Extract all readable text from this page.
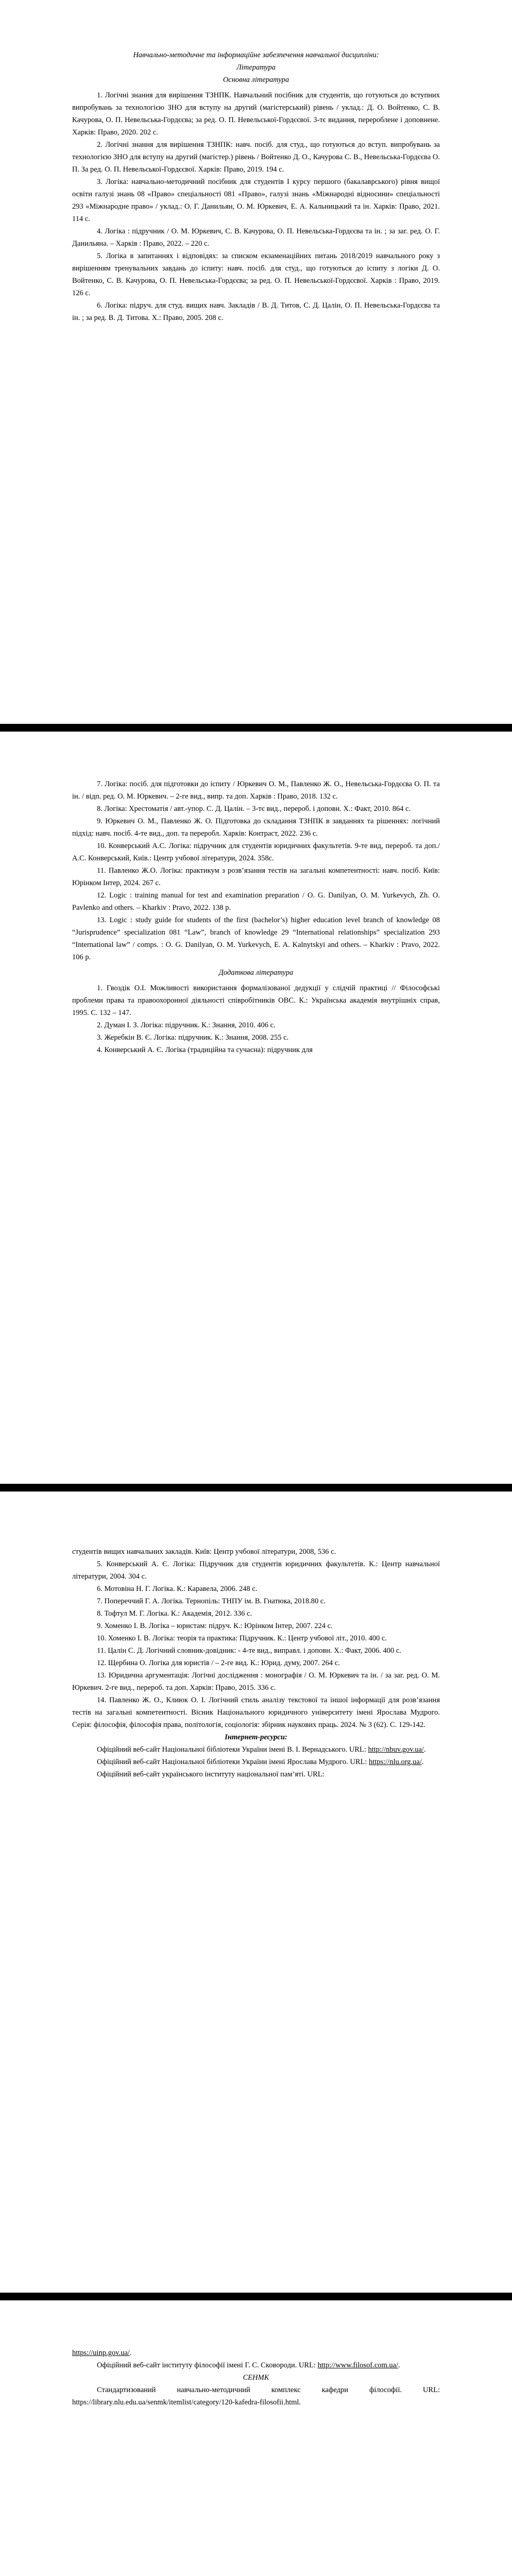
Навчально-методичне та інформаційне забезпечення навчальної дисципліни:

Література

Основна література

1. Логічні знання для вирішення ТЗНПК. Навчальний посібник для студентів, що готуються до вступних випробувань за технологією ЗНО для вступу на другий (магістерський) рівень / уклад.: Д. О. Войтенко, С. В. Качурова, О. П. Невельська-Гордєєва; за ред. О. П. Невельської-Гордєєвої. 3-тє видання, перероблене і доповнене. Харків: Право, 2020. 202 с.

2. Логічні знання для вирішення ТЗНПК: навч. посіб. для студ., що готуються до вступ. випробувань за технологією ЗНО для вступу на другий (магістер.) рівень / Войтенко Д. О., Качурова С. В., Невельська-Гордєєва О. П. За ред. О. П. Невельської-Гордєєвої. Харків: Право, 2019. 194 с.

3. Логіка: навчально-методичний посібник для студентів І курсу першого (бакалаврського) рівня вищої освіти галузі знань 08 «Право» спеціальності 081 «Право», галузі знань «Міжнародні відносини» спеціальності 293 «Міжнародне право» / уклад.: О. Г. Данильян, О. М. Юркевич, Е. А. Кальницький та ін. Харків: Право, 2021. 114 с.

4. Логіка : підручник / О. М. Юркевич, С. В. Качурова, О. П. Невельська-Гордєєва та ін. ; за заг. ред. О. Г. Данильяна. – Харків : Право, 2022. – 220 с.

5. Логіка в запитаннях і відповідях: за списком екзаменаційних питань 2018/2019 навчального року з вирішенням тренувальних завдань до іспиту: навч. посіб. для студ., що готуються до іспиту з логіки Д. О. Войтенко, С. В. Качурова, О. П. Невельська-Гордєєва; за ред. О. П. Невельської-Гордєєвої. Харків : Право, 2019. 126 с.

6. Логіка: підруч. для студ. вищих навч. Закладів / В. Д. Титов, С. Д. Цалін, О. П. Невельська-Гордєєва та ін. ; за ред. В. Д. Титова. Х.: Право, 2005. 208 с.

7. Логіка: посіб. для підготовки до іспиту / Юркевич О. М., Павленко Ж. О., Невельська-Гордєєва О. П. та ін. / відп. ред. О. М. Юркевич. – 2-ге вид., випр. та доп. Харків : Право, 2018. 132 с.

8. Логіка: Хрестоматія / авт.-упор. С. Д. Цалін. – 3-тє вид., перероб. і доповн. Х.: Факт, 2010. 864 с.

9. Юркевич О. М., Павленко Ж. О. Підготовка до складання ТЗНПК в завданнях та рішеннях: логічний підхід: навч. посіб. 4-те вид., доп. та переробл. Харків: Контраст, 2022. 236 с.

10. Конверський А.С. Логіка: підручник для студентів юридичних факультетів. 9-те вид, перероб. та доп./ А.С. Конверський, Київ.: Центр учбової літератури, 2024. 358с.

11. Павленко Ж.О. Логіка: практикум з розв’язання тестів на загальні компетентності: навч. посіб. Київ: Юрінком Інтер, 2024. 267 с.

12. Logic : training manual for test and examination preparation / O. G. Danilyan, O. M. Yurkevych, Zh. O. Pavlenko and others. – Kharkiv : Pravo, 2022. 138 p.

13. Logic : study guide for students of the first (bachelor’s) higher education level branch of knowledge 08 “Jurisprudence” specialization 081 “Law”, branch of knowledge 29 “International relationships” specialization 293 “International law” / comps. : O. G. Danilyan, O. M. Yurkevych, E. A. Kalnytskyi and others. – Kharkiv : Pravo, 2022. 106 p.

Додаткова література

1. Гвоздік О.І. Можливості використання формалізованої дедукції у слідчій практиці // Філософські проблеми права та правоохоронної діяльності співробітників ОВС. К.: Українська академія внутрішніх справ, 1995. С. 132 – 147.

2. Думан І. З. Логіка: підручник. К.: Знання, 2010. 406 с.

3. Жеребкін В. Є. Логіка: підручник. К.: Знання, 2008. 255 с.

4. Конверський А. Є. Логіка (традиційна та сучасна): підручник для

студентів вищих навчальних закладів. Київ: Центр учбової літератури, 2008, 536 с.

5. Конверський А. Є. Логіка: Підручник для студентів юридичних факультетів. К.: Центр навчальної літератури, 2004. 304 с.

6. Мотовіна Н. Г. Логіка. К.: Каравела, 2006. 248 с.

7. Попереччий Г. А. Логіка. Тернопіль: ТНПУ ім. В. Гнатюка, 2018.80 с.

8. Тофтул М. Г. Логіка. К.: Академія, 2012. 336 с.

9. Хоменко І. В. Логіка – юристам: підруч. К.: Юрінком Інтер, 2007. 224 с.

10. Хоменко І. В. Логіка: теорія та практика: Підручник. К.: Центр учбової літ., 2010. 400 с.

11. Цалін С. Д. Логічний словник-довідник: - 4-те вид., виправл. і доповн. Х.: Факт, 2006. 400 с.

12. Щербина О. Логіка для юристів / – 2-ге вид. К.: Юрид. думу, 2007. 264 с.

13. Юридична аргументація: Логічні дослідження : монографія / О. М. Юркевич та ін. / за заг. ред. О. М. Юркевич. 2-ге вид., перероб. та доп. Харків: Право, 2015. 336 с.

14. Павленко Ж. О., Клиюк О. І. Логічний стиль аналізу текстової та іншої інформації для розв’язання тестів на загальні компетентності. Вісник Національного юридичного університету імені Ярослава Мудрого. Серія: філософія, філософія права, політологія, соціологія: збірник наукових праць. 2024. № 3 (62). С. 129-142.

Інтернет-ресурси:

Офіційний веб-сайт Національної бібліотеки України імені В. І. Вернадського. URL: http://nbuv.gov.ua/.

Офіційний веб-сайт Національної бібліотеки України імені Ярослава Мудрого. URL: https://nlu.org.ua/.

Офіційний веб-сайт українського інституту національної пам’яті. URL:

https://uinp.gov.ua/.

Офіційний веб-сайт інституту філософії імені Г. С. Сковороди. URL: http://www.filosof.com.ua/.

СЕНМК

Стандартизований навчально-методичний комплекс кафедри філософії. URL: https://library.nlu.edu.ua/senmk/itemlist/category/120-kafedra-filosofii.html.
